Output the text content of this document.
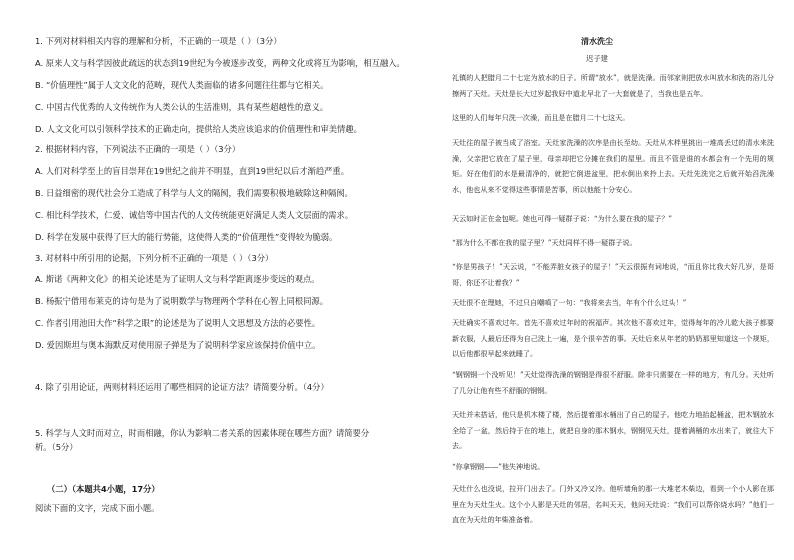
1. 下列对材料相关内容的理解和分析，不正确的一项是（ ）（3分）
A. 原来人文与科学因彼此疏远的状态到19世纪为今被逐步改变，两种文化或将互为影响，相互融入。
B. “价值理性”属于人文文化的范畴，现代人类面临的诸多问题往往都与它相关。
C. 中国古代优秀的人文传统作为人类公认的生活准则，具有某些超越性的意义。
D. 人文文化可以引领科学技术的正确走向，提供给人类应该追求的价值理性和审美情趣。
2. 根据材料内容，下列说法不正确的一项是（ ）（3分）
A. 人们对科学至上的盲目崇拜在19世纪之前并不明显，直到19世纪以后才渐趋严重。
B. 日益细密的现代社会分工造成了科学与人文的隔阂，我们需要积极地破除这种隔阂。
C. 相比科学技术，仁爱、诚信等中国古代的人文传统能更好满足人类人文层面的需求。
D. 科学在发展中获得了巨大的能行势能，这使得人类的“价值理性”变得较为脆弱。
3. 对材料中所引用的论据，下列分析不正确的一项是（ ）（3分）
A. 斯诺《两种文化》的相关论述是为了证明人文与科学距离逐步变远的观点。
B. 杨振宁借用布莱克的诗句是为了说明数学与物理两个学科在心智上同根同源。
C. 作者引用池田大作“科学之眼”的论述是为了说明人文思想及方法的必要性。
D. 爱因斯坦与奥本海默反对使用原子弹是为了说明科学家应该保持价值中立。
4. 除了引用论证，两则材料还运用了哪些相同的论证方法？请简要分析。（4分）
5. 科学与人文时而对立，时而相融，你认为影响二者关系的因素体现在哪些方面？请简要分析。（5分）
（二）（本题共4小题，17分）
阅读下面的文字，完成下面小题。
清水洗尘
迟子建
礼镇的人把腊月二十七定为放水的日子。所谓“放水”，就是洗澡。而邻家则把放水叫放水和洗的浴儿分擦两了天灶。天灶是长大过岁起我好中道北早北了一大套就是了，当我也是五年。
这里的人们每年只洗一次澡，而且是在腊月二十七这天。
天灶往的屋子被当成了浴室。天灶家洗澡的次序是由长至幼。天灶从木柈里挑出一堆高丢过的清水来洗澡，父亲把它放在了屋子里，母亲却把它分摊在我们的屋里。而且不管是谁的水都会有一个先用的规矩。好在他们的水是最清净的，就把它倒进盆里，把水倒出来拎上去。天灶先洗完之后就开始舀洗澡水，他也从来不觉得这些事情是苦事，所以他能十分安心。
天云如时正在金包呢。她也可得一疑群子说：“为什么要在我的屋子？”
“那为什么不都在我的屋子里？”天灶同样不得一疑群子说。
“你是男孩子！”天云说，“不能弄脏女孩子的屋子！”天云很振有词地说，“而且你比我大好几岁，是哥哥，你还不让着我？”
天灶很不在理她，不过只自嘲嗔了一句：“我将来去当，年有个什么过头！”
天灶确实不喜欢过年。首先不喜欢过年时的祝福声。其次他不喜欢过年，觉得每年的冷儿乾大孩子都要新衣服，人最后还得为自己洗上一遍，是个很辛苦的事。天灶后来从年老的奶奶那里知道这一个规矩，以后他都很早起来就睡了。
“钢钢钢一个没听见！”天灶觉得洗澡的钢钢是得很不舒服。除非只需要在一样的地方，有几分。天灶听了几分让他有些不舒服的钢钢。
天灶并未搭话，他只是机木楼了楼，然后提着那水桶出了自己的屋子。他吃力地抬起桶盆，把木钢放水全给了一盆，然后持于在的地上，就把自身的那木钢水，钢钢见天灶，提着满桶的水出来了，就往大下去。
“你拿钢钢——”他失神地说。
天灶什么也没说，拉开门出去了。门外又冷又冷。他听墙角的那一大堆老木柴边，看到一个小人影在那里在为天灶生火。这个小人影是天灶的邻居，名叫天天，他问天灶说：“我们可以帮你烧水吗？”他们一直在为天灶的年柴准备着。
